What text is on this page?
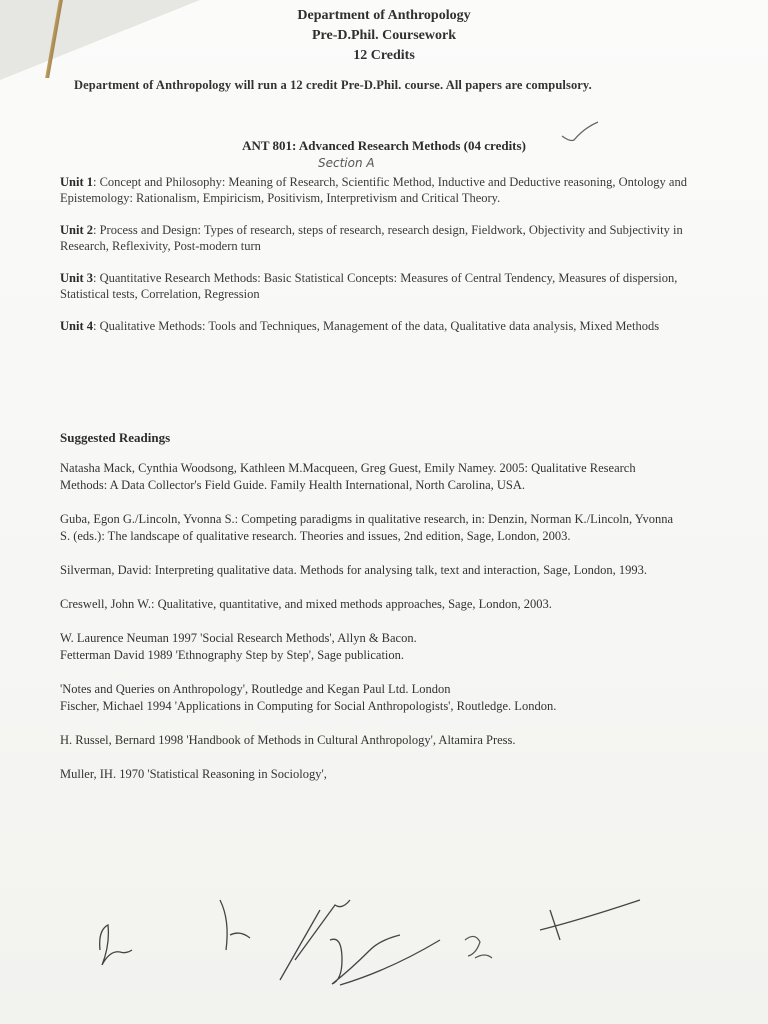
Department of Anthropology
Pre-D.Phil. Coursework
12 Credits
Department of Anthropology will run a 12 credit Pre-D.Phil. course. All papers are compulsory.
ANT 801: Advanced Research Methods (04 credits)
Section A
Unit 1: Concept and Philosophy: Meaning of Research, Scientific Method, Inductive and Deductive reasoning, Ontology and Epistemology: Rationalism, Empiricism, Positivism, Interpretivism and Critical Theory.
Unit 2: Process and Design: Types of research, steps of research, research design, Fieldwork, Objectivity and Subjectivity in Research, Reflexivity, Post-modern turn
Unit 3: Quantitative Research Methods: Basic Statistical Concepts: Measures of Central Tendency, Measures of dispersion, Statistical tests, Correlation, Regression
Unit 4: Qualitative Methods: Tools and Techniques, Management of the data, Qualitative data analysis, Mixed Methods
Suggested Readings
Natasha Mack, Cynthia Woodsong, Kathleen M.Macqueen, Greg Guest, Emily Namey. 2005: Qualitative Research Methods: A Data Collector's Field Guide. Family Health International, North Carolina, USA.
Guba, Egon G./Lincoln, Yvonna S.: Competing paradigms in qualitative research, in: Denzin, Norman K./Lincoln, Yvonna S. (eds.): The landscape of qualitative research. Theories and issues, 2nd edition, Sage, London, 2003.
Silverman, David: Interpreting qualitative data. Methods for analysing talk, text and interaction, Sage, London, 1993.
Creswell, John W.: Qualitative, quantitative, and mixed methods approaches, Sage, London, 2003.
W. Laurence Neuman 1997 'Social Research Methods', Allyn & Bacon.
Fetterman David 1989 'Ethnography Step by Step', Sage publication.
'Notes and Queries on Anthropology', Routledge and Kegan Paul Ltd. London
Fischer, Michael 1994 'Applications in Computing for Social Anthropologists', Routledge. London.
H. Russel, Bernard 1998 'Handbook of Methods in Cultural Anthropology', Altamira Press.
Muller, IH. 1970 'Statistical Reasoning in Sociology',
